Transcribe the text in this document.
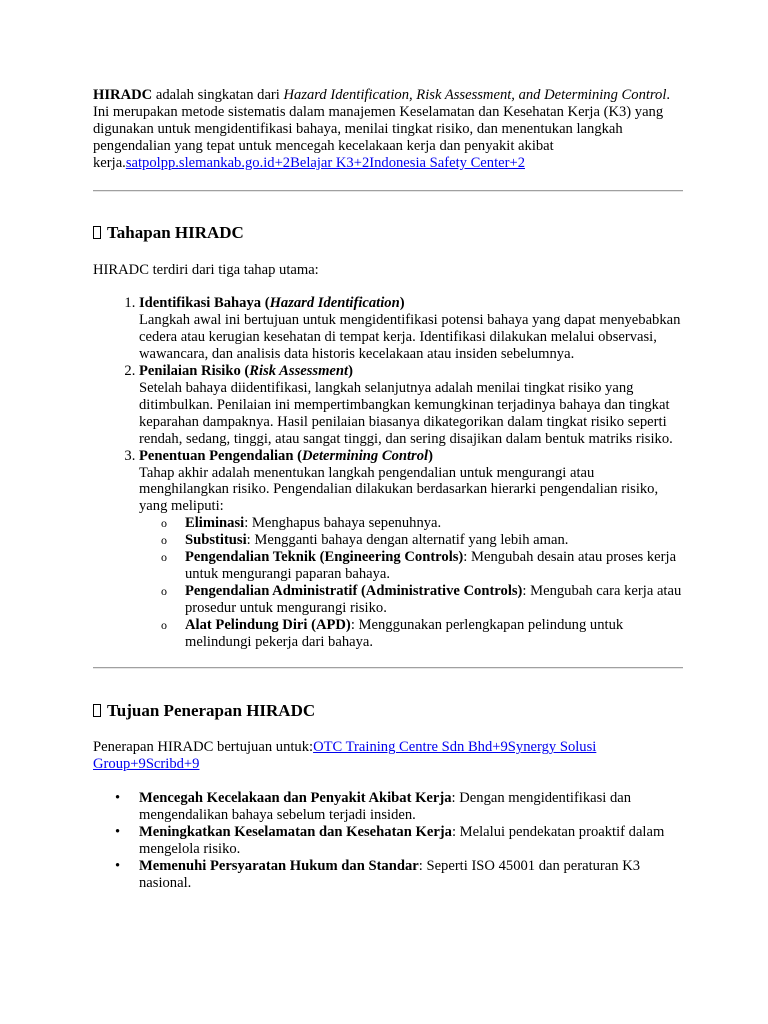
HIRADC adalah singkatan dari Hazard Identification, Risk Assessment, and Determining Control. Ini merupakan metode sistematis dalam manajemen Keselamatan dan Kesehatan Kerja (K3) yang digunakan untuk mengidentifikasi bahaya, menilai tingkat risiko, dan menentukan langkah pengendalian yang tepat untuk mencegah kecelakaan kerja dan penyakit akibat kerja.satpolpp.slemankab.go.id+2Belajar K3+2Indonesia Safety Center+2

Tahapan HIRADC

HIRADC terdiri dari tiga tahap utama:

1. Identifikasi Bahaya (Hazard Identification)
Langkah awal ini bertujuan untuk mengidentifikasi potensi bahaya yang dapat menyebabkan cedera atau kerugian kesehatan di tempat kerja. Identifikasi dilakukan melalui observasi, wawancara, dan analisis data historis kecelakaan atau insiden sebelumnya.
2. Penilaian Risiko (Risk Assessment)
Setelah bahaya diidentifikasi, langkah selanjutnya adalah menilai tingkat risiko yang ditimbulkan. Penilaian ini mempertimbangkan kemungkinan terjadinya bahaya dan tingkat keparahan dampaknya. Hasil penilaian biasanya dikategorikan dalam tingkat risiko seperti rendah, sedang, tinggi, atau sangat tinggi, dan sering disajikan dalam bentuk matriks risiko.
3. Penentuan Pengendalian (Determining Control)
Tahap akhir adalah menentukan langkah pengendalian untuk mengurangi atau menghilangkan risiko. Pengendalian dilakukan berdasarkan hierarki pengendalian risiko, yang meliputi:
o Eliminasi: Menghapus bahaya sepenuhnya.
o Substitusi: Mengganti bahaya dengan alternatif yang lebih aman.
o Pengendalian Teknik (Engineering Controls): Mengubah desain atau proses kerja untuk mengurangi paparan bahaya.
o Pengendalian Administratif (Administrative Controls): Mengubah cara kerja atau prosedur untuk mengurangi risiko.
o Alat Pelindung Diri (APD): Menggunakan perlengkapan pelindung untuk melindungi pekerja dari bahaya.
Tujuan Penerapan HIRADC

Penerapan HIRADC bertujuan untuk:OTC Training Centre Sdn Bhd+9Synergy Solusi Group+9Scribd+9

• Mencegah Kecelakaan dan Penyakit Akibat Kerja: Dengan mengidentifikasi dan mengendalikan bahaya sebelum terjadi insiden.
• Meningkatkan Keselamatan dan Kesehatan Kerja: Melalui pendekatan proaktif dalam mengelola risiko.
• Memenuhi Persyaratan Hukum dan Standar: Seperti ISO 45001 dan peraturan K3 nasional.
